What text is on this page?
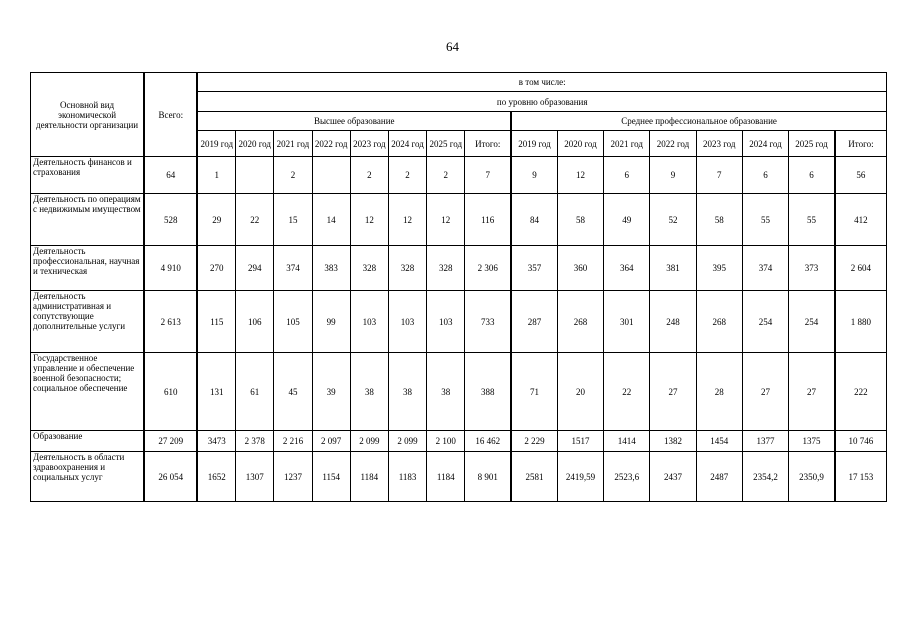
64
Основной вид экономической деятельности организации	Всего:	в том числе:															
		по уровню образования															
		Высшее образование								Среднее профессиональное образование							
		2019 год	2020 год	2021 год	2022 год	2023 год	2024 год	2025 год	Итого:	2019 год	2020 год	2021 год	2022 год	2023 год	2024 год	2025 год	Итого:
Деятельность финансов и страхования	64	1		2		2	2	2	7	9	12	6	9	7	6	6	56
Деятельность по операциям с недвижимым имуществом	528	29	22	15	14	12	12	12	116	84	58	49	52	58	55	55	412
Деятельность профессиональная, научная и техническая	4 910	270	294	374	383	328	328	328	2 306	357	360	364	381	395	374	373	2 604
Деятельность административная и сопутствующие дополнительные услуги	2 613	115	106	105	99	103	103	103	733	287	268	301	248	268	254	254	1 880
Государственное управление и обеспечение военной безопасности; социальное обеспечение	610	131	61	45	39	38	38	38	388	71	20	22	27	28	27	27	222
Образование	27 209	3473	2 378	2 216	2 097	2 099	2 099	2 100	16 462	2 229	1517	1414	1382	1454	1377	1375	10 746
Деятельность в области здравоохранения и социальных услуг	26 054	1652	1307	1237	1154	1184	1183	1184	8 901	2581	2419,59	2523,6	2437	2487	2354,2	2350,9	17 153
